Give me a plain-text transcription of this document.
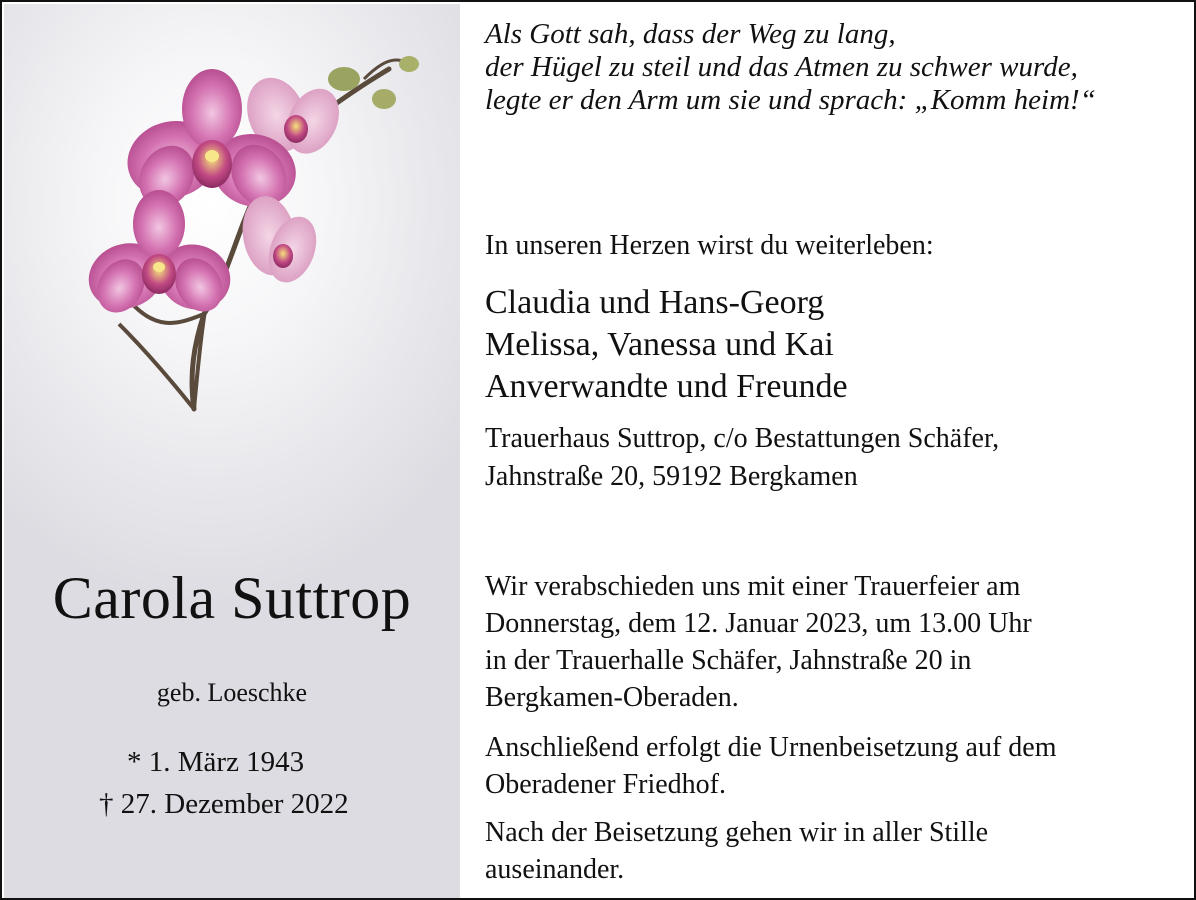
Carola Suttrop
geb. Loeschke
* 1. März 1943
† 27. Dezember 2022
Als Gott sah, dass der Weg zu lang,
der Hügel zu steil und das Atmen zu schwer wurde,
legte er den Arm um sie und sprach: „Komm heim!“
In unseren Herzen wirst du weiterleben:
Claudia und Hans-Georg
Melissa, Vanessa und Kai
Anverwandte und Freunde
Trauerhaus Suttrop, c/o Bestattungen Schäfer,
Jahnstraße 20, 59192 Bergkamen
Wir verabschieden uns mit einer Trauerfeier am
Donnerstag, dem 12. Januar 2023, um 13.00 Uhr
in der Trauerhalle Schäfer, Jahnstraße 20 in
Bergkamen-Oberaden.
Anschließend erfolgt die Urnenbeisetzung auf dem
Oberadener Friedhof.
Nach der Beisetzung gehen wir in aller Stille
auseinander.
